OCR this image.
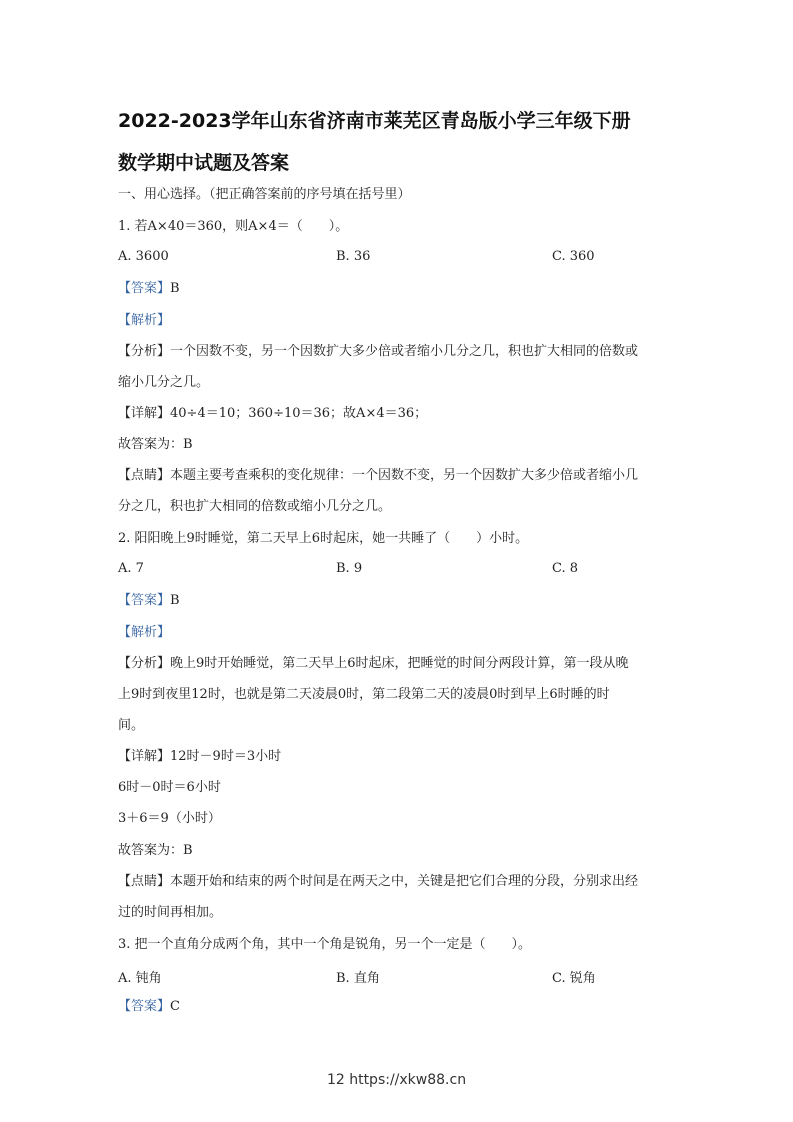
2022-2023学年山东省济南市莱芜区青岛版小学三年级下册
数学期中试题及答案
一、用心选择。（把正确答案前的序号填在括号里）
1. 若A×40＝360，则A×4＝（　　）。
A. 3600	B. 36	C. 360
【答案】B
【解析】
【分析】一个因数不变，另一个因数扩大多少倍或者缩小几分之几，积也扩大相同的倍数或
缩小几分之几。
【详解】40÷4＝10；360÷10＝36；故A×4＝36；
故答案为：B
【点睛】本题主要考查乘积的变化规律：一个因数不变，另一个因数扩大多少倍或者缩小几
分之几，积也扩大相同的倍数或缩小几分之几。
2. 阳阳晚上9时睡觉，第二天早上6时起床，她一共睡了（　　）小时。
A. 7	B. 9	C. 8
【答案】B
【解析】
【分析】晚上9时开始睡觉，第二天早上6时起床，把睡觉的时间分两段计算，第一段从晚
上9时到夜里12时，也就是第二天凌晨0时，第二段第二天的凌晨0时到早上6时睡的时
间。
【详解】12时－9时＝3小时
6时－0时＝6小时
3＋6＝9（小时）
故答案为：B
【点睛】本题开始和结束的两个时间是在两天之中，关键是把它们合理的分段，分别求出经
过的时间再相加。
3. 把一个直角分成两个角，其中一个角是锐角，另一个一定是（　　）。
A. 钝角	B. 直角	C. 锐角
【答案】C
12 https://xkw88.cn
